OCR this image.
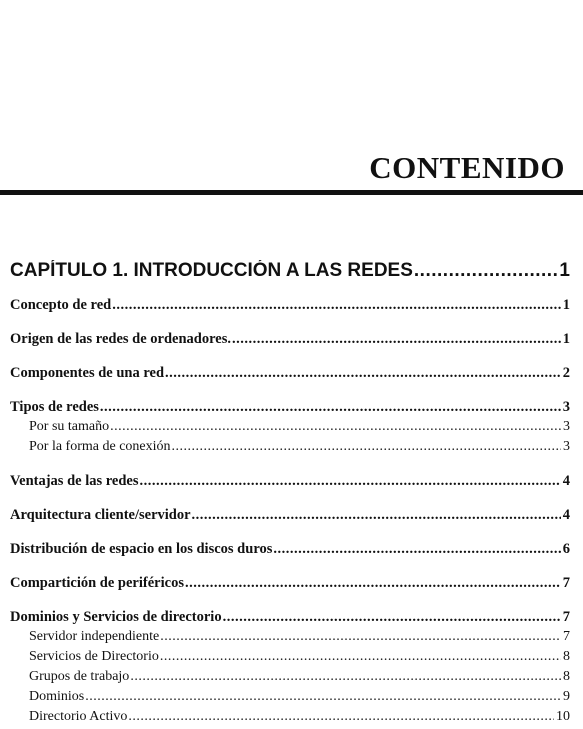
CONTENIDO
CAPÍTULO 1. INTRODUCCIÓN A LAS REDES .....	1
Concepto de red .....	1
Origen de las redes de ordenadores. .....	1
Componentes de una red .....	2
Tipos de redes .....	3
Por su tamaño .....	3
Por la forma de conexión .....	3
Ventajas de las redes .....	4
Arquitectura cliente/servidor .....	4
Distribución de espacio en los discos duros .....	6
Compartición de periféricos .....	7
Dominios y Servicios de directorio .....	7
Servidor independiente .....	7
Servicios de Directorio .....	8
Grupos de trabajo .....	8
Dominios .....	9
Directorio Activo .....	10
